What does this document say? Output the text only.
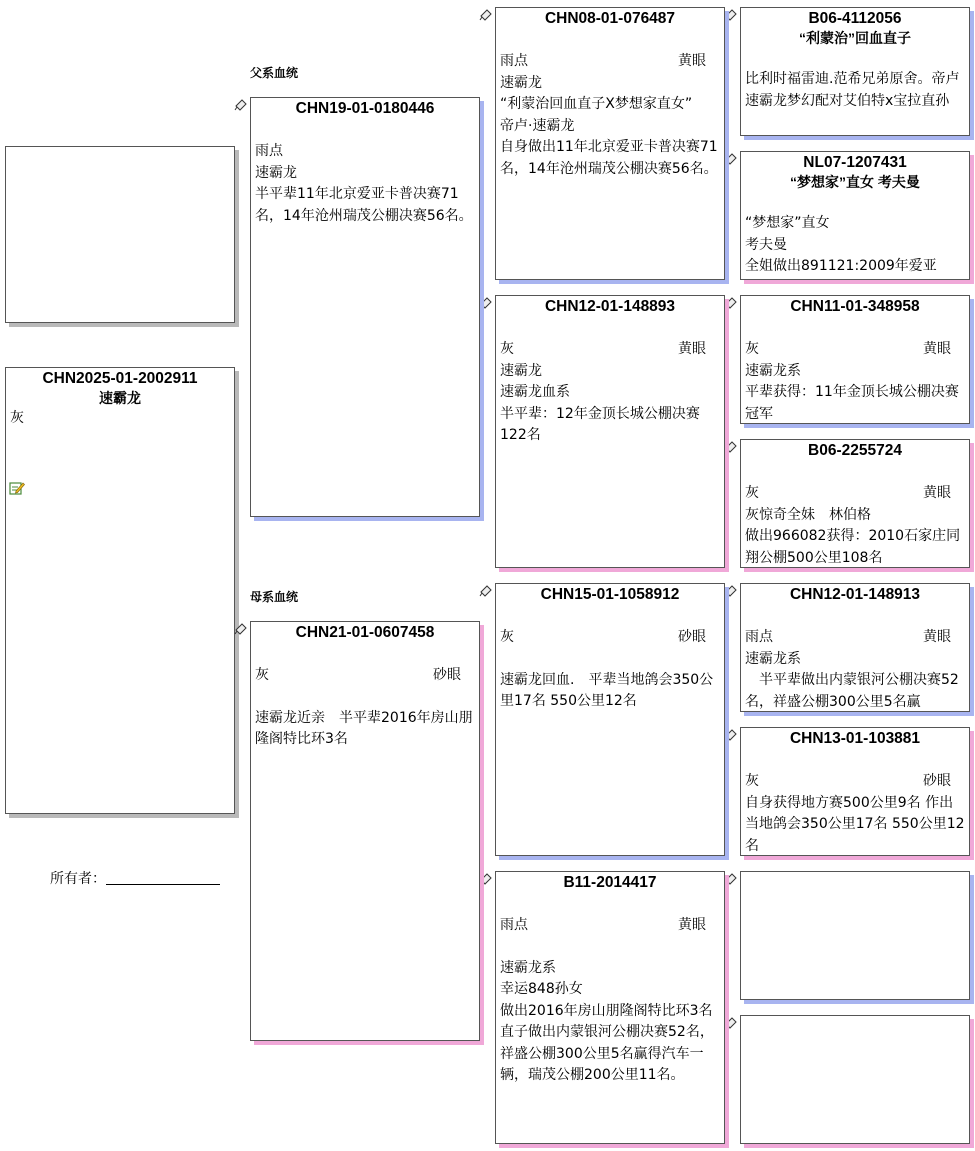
父系血统
母系血统
CHN2025-01-2002911
速霸龙
灰
所有者：
CHN19-01-0180446
雨点
速霸龙
半平辈11年北京爱亚卡普决赛71名，14年沧州瑞茂公棚决赛56名。
CHN21-01-0607458
灰	砂眼
速霸龙近亲　半平辈2016年房山朋隆阁特比环3名
CHN08-01-076487
雨点	黄眼
速霸龙
“利蒙治回血直子X梦想家直女”
帝卢·速霸龙
自身做出11年北京爱亚卡普决赛71名，14年沧州瑞茂公棚决赛56名。
CHN12-01-148893
灰	黄眼
速霸龙
速霸龙血系
半平辈：12年金顶长城公棚决赛122名
CHN15-01-1058912
灰	砂眼
速霸龙回血.　平辈当地鸽会350公里17名 550公里12名
B11-2014417
雨点	黄眼
速霸龙系
幸运848孙女
做出2016年房山朋隆阁特比环3名
直子做出内蒙银河公棚决赛52名，祥盛公棚300公里5名赢得汽车一辆，瑞茂公棚200公里11名。
B06-4112056
“利蒙治”回血直子
比利时福雷迪.范希兄弟原舍。帝卢速霸龙梦幻配对艾伯特x宝拉直孙
NL07-1207431
“梦想家”直女 考夫曼
“梦想家”直女
考夫曼
全姐做出891121:2009年爱亚
CHN11-01-348958
灰	黄眼
速霸龙系
平辈获得：11年金顶长城公棚决赛冠军
B06-2255724
灰	黄眼
灰惊奇全妹　林伯格
做出966082获得：2010石家庄同翔公棚500公里108名
CHN12-01-148913
雨点	黄眼
速霸龙系
　半平辈做出内蒙银河公棚决赛52名，祥盛公棚300公里5名赢
CHN13-01-103881
灰	砂眼
自身获得地方赛500公里9名 作出当地鸽会350公里17名 550公里12名
